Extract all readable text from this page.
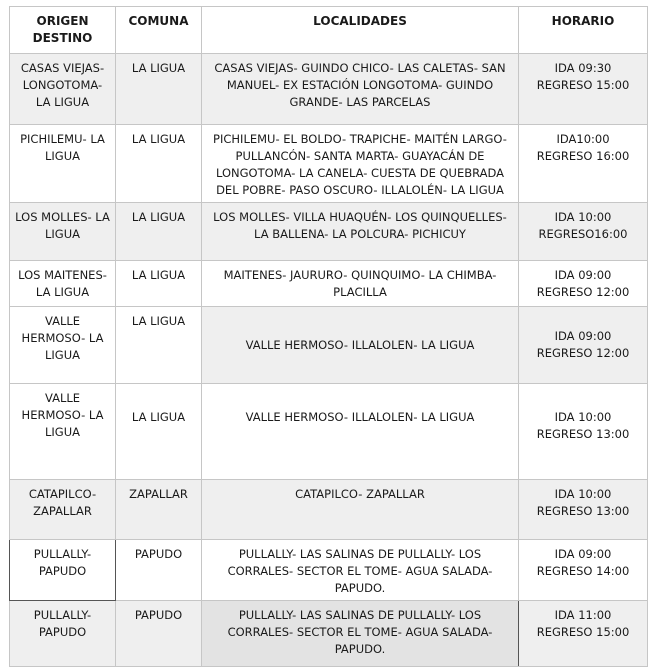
ORIGEN DESTINO	COMUNA	LOCALIDADES	HORARIO
CASAS VIEJAS- LONGOTOMA- LA LIGUA	LA LIGUA	CASAS VIEJAS- GUINDO CHICO- LAS CALETAS- SAN MANUEL- EX ESTACIÓN LONGOTOMA- GUINDO GRANDE- LAS PARCELAS	IDA 09:30
REGRESO 15:00

PICHILEMU- LA LIGUA	LA LIGUA	PICHILEMU- EL BOLDO- TRAPICHE- MAITÉN LARGO- PULLANCÓN- SANTA MARTA- GUAYACÁN DE LONGOTOMA- LA CANELA- CUESTA DE QUEBRADA DEL POBRE- PASO OSCURO- ILLALOLÉN- LA LIGUA	IDA10:00
REGRESO 16:00

LOS MOLLES- LA LIGUA	LA LIGUA	LOS MOLLES- VILLA HUAQUÉN- LOS QUINQUELLES- LA BALLENA- LA POLCURA- PICHICUY	IDA 10:00
REGRESO16:00

LOS MAITENES- LA LIGUA	LA LIGUA	MAITENES- JAURURO- QUINQUIMO- LA CHIMBA- PLACILLA	IDA 09:00
REGRESO 12:00

VALLE HERMOSO- LA LIGUA	LA LIGUA	VALLE HERMOSO- ILLALOLEN- LA LIGUA	IDA 09:00
REGRESO 12:00

VALLE HERMOSO- LA LIGUA	LA LIGUA	VALLE HERMOSO- ILLALOLEN- LA LIGUA	IDA 10:00
REGRESO 13:00

CATAPILCO- ZAPALLAR	ZAPALLAR	CATAPILCO- ZAPALLAR	IDA 10:00
REGRESO 13:00

PULLALLY- PAPUDO	PAPUDO	PULLALLY- LAS SALINAS DE PULLALLY- LOS CORRALES- SECTOR EL TOME- AGUA SALADA- PAPUDO.	IDA 09:00
REGRESO 14:00

PULLALLY- PAPUDO	PAPUDO	PULLALLY- LAS SALINAS DE PULLALLY- LOS CORRALES- SECTOR EL TOME- AGUA SALADA- PAPUDO.	IDA 11:00
REGRESO 15:00
